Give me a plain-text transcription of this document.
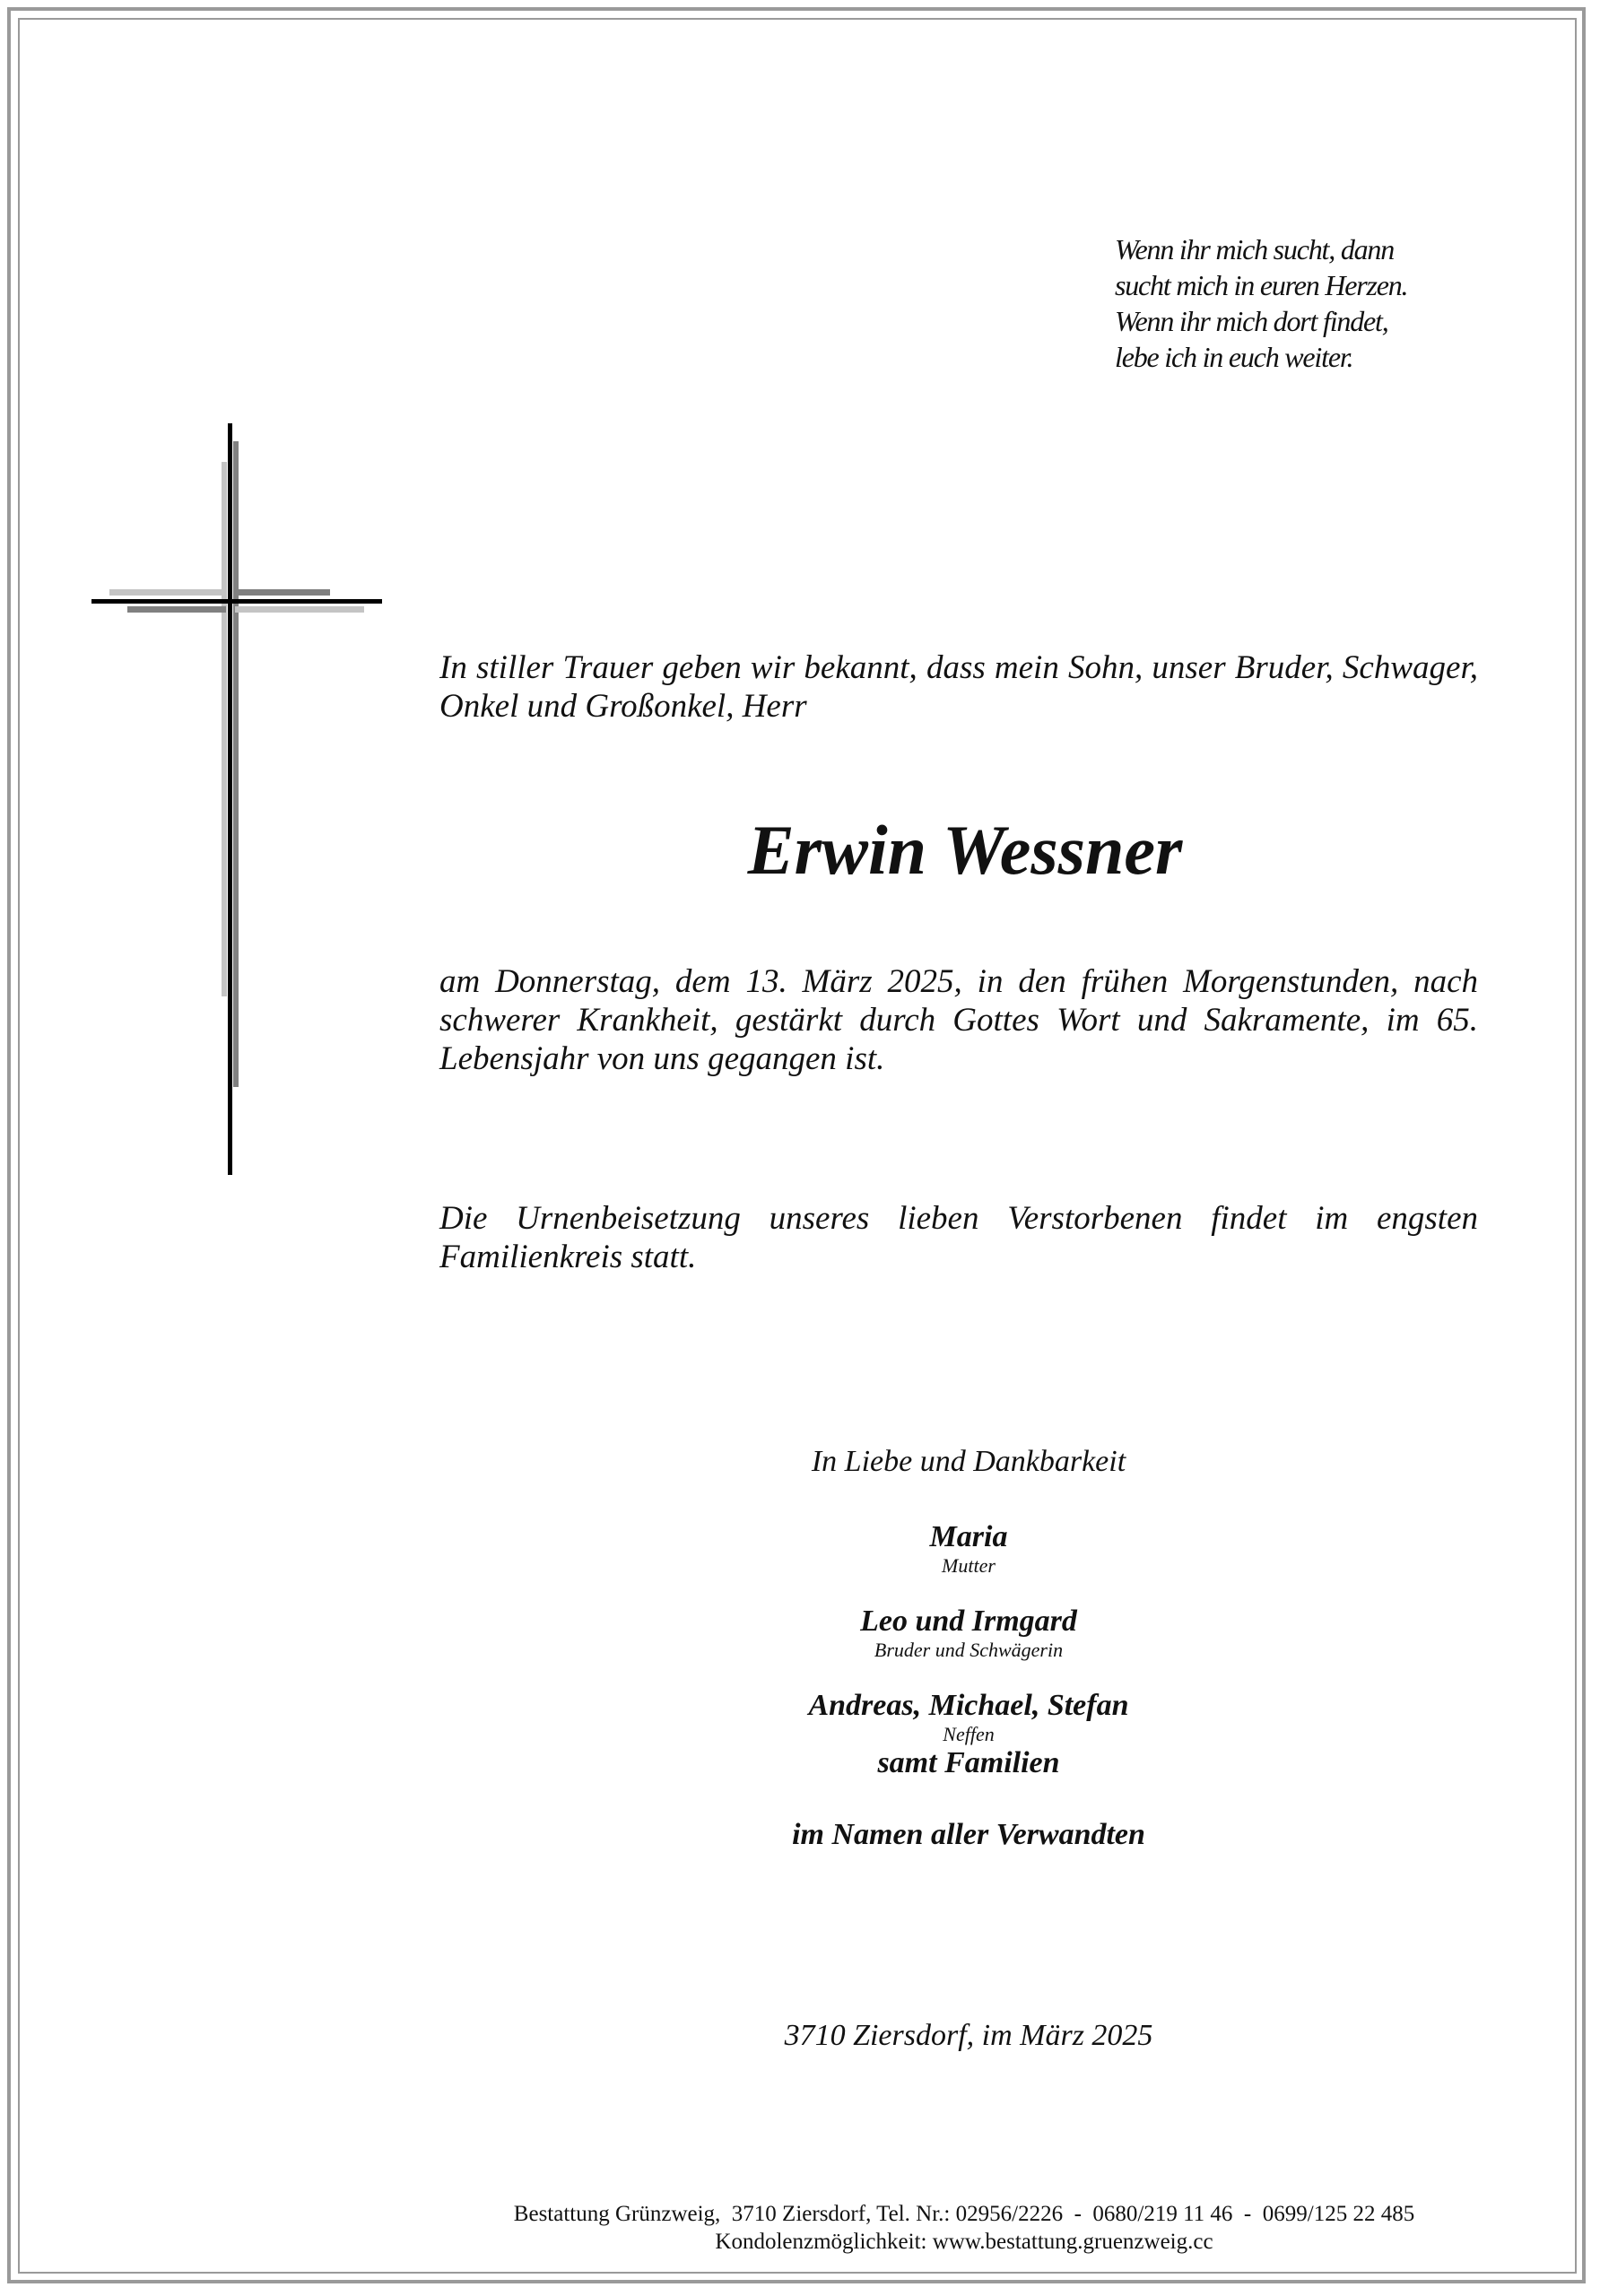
Wenn ihr mich sucht, dann
sucht mich in euren Herzen.
Wenn ihr mich dort findet,
lebe ich in euch weiter.
In stiller Trauer geben wir bekannt, dass mein Sohn, unser Bruder, Schwager, Onkel und Großonkel, Herr
Erwin Wessner
am Donnerstag, dem 13. März 2025, in den frühen Morgenstunden, nach schwerer Krankheit, gestärkt durch Gottes Wort und Sakramente, im 65. Lebensjahr von uns gegangen ist.
Die Urnenbeisetzung unseres lieben Verstorbenen findet im engsten Familienkreis statt.
In Liebe und Dankbarkeit
Maria
Mutter
Leo und Irmgard
Bruder und Schwägerin
Andreas, Michael, Stefan
Neffen
samt Familien
im Namen aller Verwandten
3710 Ziersdorf, im März 2025
Bestattung Grünzweig,  3710 Ziersdorf, Tel. Nr.: 02956/2226  -  0680/219 11 46  -  0699/125 22 485
Kondolenzmöglichkeit: www.bestattung.gruenzweig.cc
